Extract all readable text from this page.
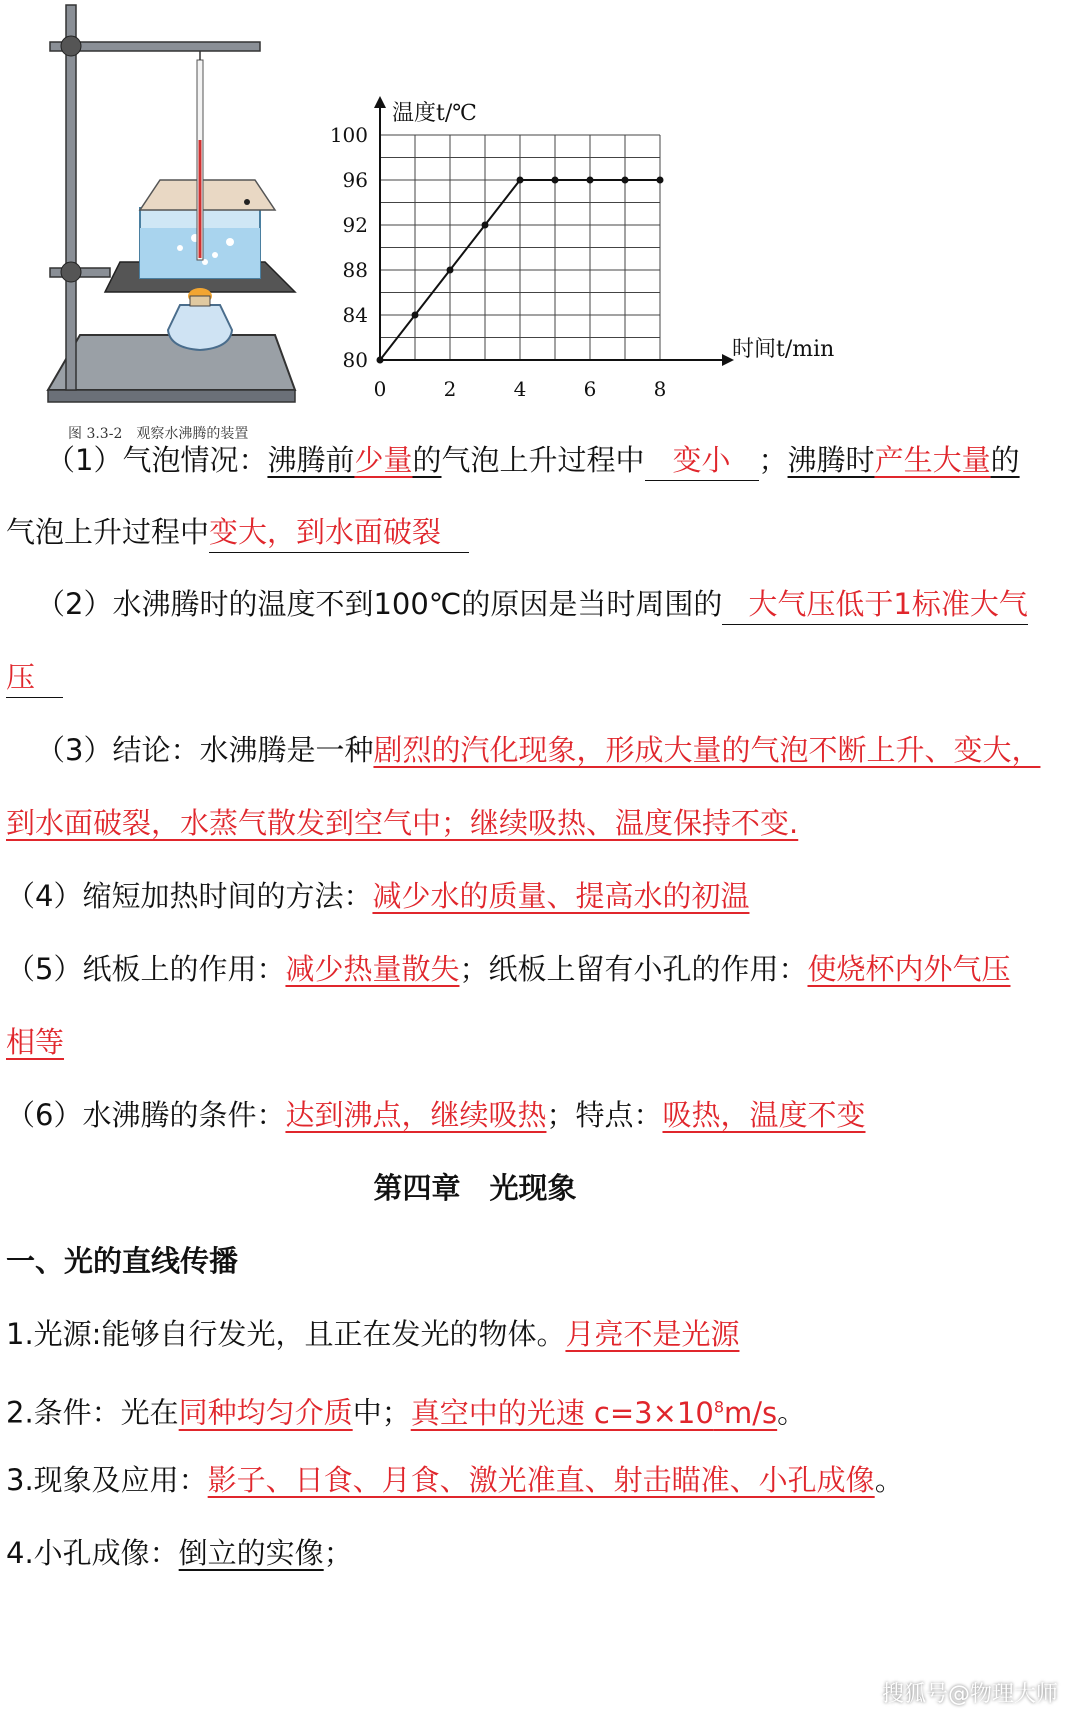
图 3.3-2　观察水沸腾的装置
80
84
88
92
96
100
0	2	4	6	8
温度t/℃
时间t/min
（1）气泡情况：沸腾前少量的气泡上升过程中 变小 ；沸腾时产生大量的
气泡上升过程中变大，到水面破裂
（2）水沸腾时的温度不到100℃的原因是当时周围的 大气压低于1标准大气
压
（3）结论：水沸腾是一种剧烈的汽化现象，形成大量的气泡不断上升、变大，
到水面破裂，水蒸气散发到空气中；继续吸热、温度保持不变.
（4）缩短加热时间的方法：减少水的质量、提高水的初温
（5）纸板上的作用：减少热量散失；纸板上留有小孔的作用：使烧杯内外气压
相等
（6）水沸腾的条件：达到沸点，继续吸热；特点：吸热，温度不变
第四章　光现象
一、光的直线传播
1.光源:能够自行发光，且正在发光的物体。月亮不是光源
2.条件：光在同种均匀介质中；真空中的光速 $c=3\times 10^8m/s$。
3.现象及应用：影子、日食、月食、激光准直、射击瞄准、小孔成像。
4.小孔成像：倒立的实像；
搜狐号@物理大师
